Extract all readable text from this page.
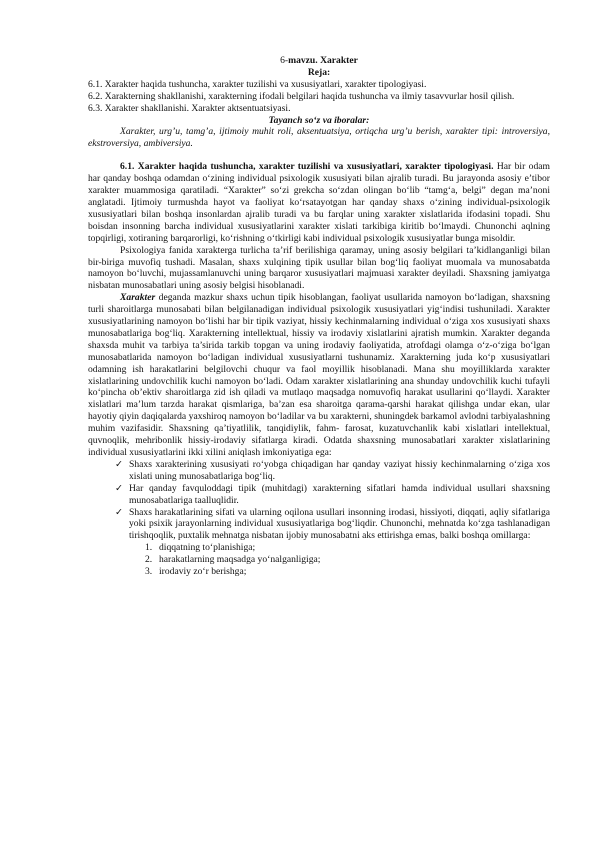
6-mavzu. Xarakter
Reja:
6.1. Xarakter haqida tushuncha, xarakter tuzilishi va xususiyatlari, xarakter tipologiyasi.
6.2. Xarakterning shakllanishi, xarakterning ifodali belgilari haqida tushuncha va ilmiy tasavvurlar hosil qilish.
6.3. Xarakter shakllanishi. Xarakter aktsentuatsiyasi.
Tayanch so‘z va iboralar:
Xarakter, urg’u, tamg’a, ijtimoiy muhit roli, aksentuatsiya, ortiqcha urg’u berish, xarakter tipi: introversiya, ekstroversiya, ambiversiya.
6.1. Xarakter haqida tushuncha, xarakter tuzilishi va xususiyatlari, xarakter tipologiyasi. Har bir odam har qanday boshqa odamdan o‘zining individual psixologik xususiyati bilan ajralib turadi. Bu jarayonda asosiy e’tibor xarakter muammosiga qaratiladi. “Xarakter” so‘zi grekcha so‘zdan olingan bo‘lib “tamg‘a, belgi” degan ma’noni anglatadi. Ijtimoiy turmushda hayot va faoliyat ko‘rsatayotgan har qanday shaxs o‘zining individual-psixologik xususiyatlari bilan boshqa insonlardan ajralib turadi va bu farqlar uning xarakter xislatlarida ifodasini topadi. Shu boisdan insonning barcha individual xususiyatlarini xarakter xislati tarkibiga kiritib bo‘lmaydi. Chunonchi aqlning topqirligi, xotiraning barqarorligi, ko‘rishning o‘tkirligi kabi individual psixologik xususiyatlar bunga misoldir.
Psixologiya fanida xarakterga turlicha ta’rif berilishiga qaramay, uning asosiy belgilari ta’kidlanganligi bilan bir-biriga muvofiq tushadi. Masalan, shaxs xulqining tipik usullar bilan bog‘liq faoliyat muomala va munosabatda namoyon bo‘luvchi, mujassamlanuvchi uning barqaror xususiyatlari majmuasi xarakter deyiladi. Shaxsning jamiyatga nisbatan munosabatlari uning asosiy belgisi hisoblanadi.
Xarakter deganda mazkur shaxs uchun tipik hisoblangan, faoliyat usullarida namoyon bo‘ladigan, shaxsning turli sharoitlarga munosabati bilan belgilanadigan individual psixologik xususiyatlari yig‘indisi tushuniladi. Xarakter xususiyatlarining namoyon bo‘lishi har bir tipik vaziyat, hissiy kechinmalarning individual o‘ziga xos xususiyati shaxs munosabatlariga bog‘liq. Xarakterning intellektual, hissiy va irodaviy xislatlarini ajratish mumkin. Xarakter deganda shaxsda muhit va tarbiya ta’sirida tarkib topgan va uning irodaviy faoliyatida, atrofdagi olamga o‘z-o‘ziga bo‘lgan munosabatlarida namoyon bo‘ladigan individual xususiyatlarni tushunamiz. Xarakterning juda ko‘p xususiyatlari odamning ish harakatlarini belgilovchi chuqur va faol moyillik hisoblanadi. Mana shu moyilliklarda xarakter xislatlarining undovchilik kuchi namoyon bo‘ladi. Odam xarakter xislatlarining ana shunday undovchilik kuchi tufayli ko‘pincha ob’ektiv sharoitlarga zid ish qiladi va mutlaqo maqsadga nomuvofiq harakat usullarini qo‘llaydi. Xarakter xislatlari ma’lum tarzda harakat qismlariga, ba’zan esa sharoitga qarama-qarshi harakat qilishga undar ekan, ular hayotiy qiyin daqiqalarda yaxshiroq namoyon bo‘ladilar va bu xarakterni, shuningdek barkamol avlodni tarbiyalashning muhim vazifasidir. Shaxsning qa’tiyatlilik, tanqidiylik, fahm- farosat, kuzatuvchanlik kabi xislatlari intellektual, quvnoqlik, mehribonlik hissiy-irodaviy sifatlarga kiradi. Odatda shaxsning munosabatlari xarakter xislatlarining individual xususiyatlarini ikki xilini aniqlash imkoniyatiga ega:
✓ Shaxs xarakterining xususiyati ro‘yobga chiqadigan har qanday vaziyat hissiy kechinmalarning o‘ziga xos xislati uning munosabatlariga bog‘liq.
✓ Har qanday favquloddagi tipik (muhitdagi) xarakterning sifatlari hamda individual usullari shaxsning munosabatlariga taalluqlidir.
✓ Shaxs harakatlarining sifati va ularning oqilona usullari insonning irodasi, hissiyoti, diqqati, aqliy sifatlariga yoki psixik jarayonlarning individual xususiyatlariga bog‘liqdir. Chunonchi, mehnatda ko‘zga tashlanadigan tirishqoqlik, puxtalik mehnatga nisbatan ijobiy munosabatni aks ettirishga emas, balki boshqa omillarga:
1. diqqatning to‘planishiga;
2. harakatlarning maqsadga yo‘nalganligiga;
3. irodaviy zo‘r berishga;
